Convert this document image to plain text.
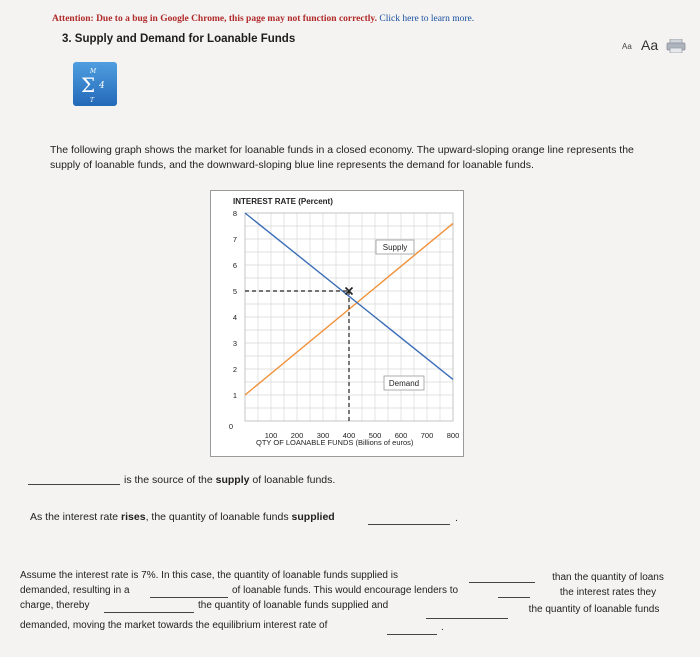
Attention: Due to a bug in Google Chrome, this page may not function correctly. Click here to learn more.
3. Supply and Demand for Loanable Funds
Aa Aa
M
Σ 4
T
The following graph shows the market for loanable funds in a closed economy. The upward-sloping orange line represents the supply of loanable funds, and the downward-sloping blue line represents the demand for loanable funds.
INTEREST RATE (Percent)
8
7
6
5
4
3
2
1
100 200 300 400 500 600 700 800
Supply
Demand
0
QTY OF LOANABLE FUNDS (Billions of euros)
is the source of the supply of loanable funds.
As the interest rate rises, the quantity of loanable funds supplied	.
Assume the interest rate is 7%. In this case, the quantity of loanable funds supplied is
demanded, resulting in a	of loanable funds. This would encourage lenders to
charge, thereby	the quantity of loanable funds supplied and
demanded, moving the market towards the equilibrium interest rate of	.
than the quantity of loans
the interest rates they
the quantity of loanable funds
